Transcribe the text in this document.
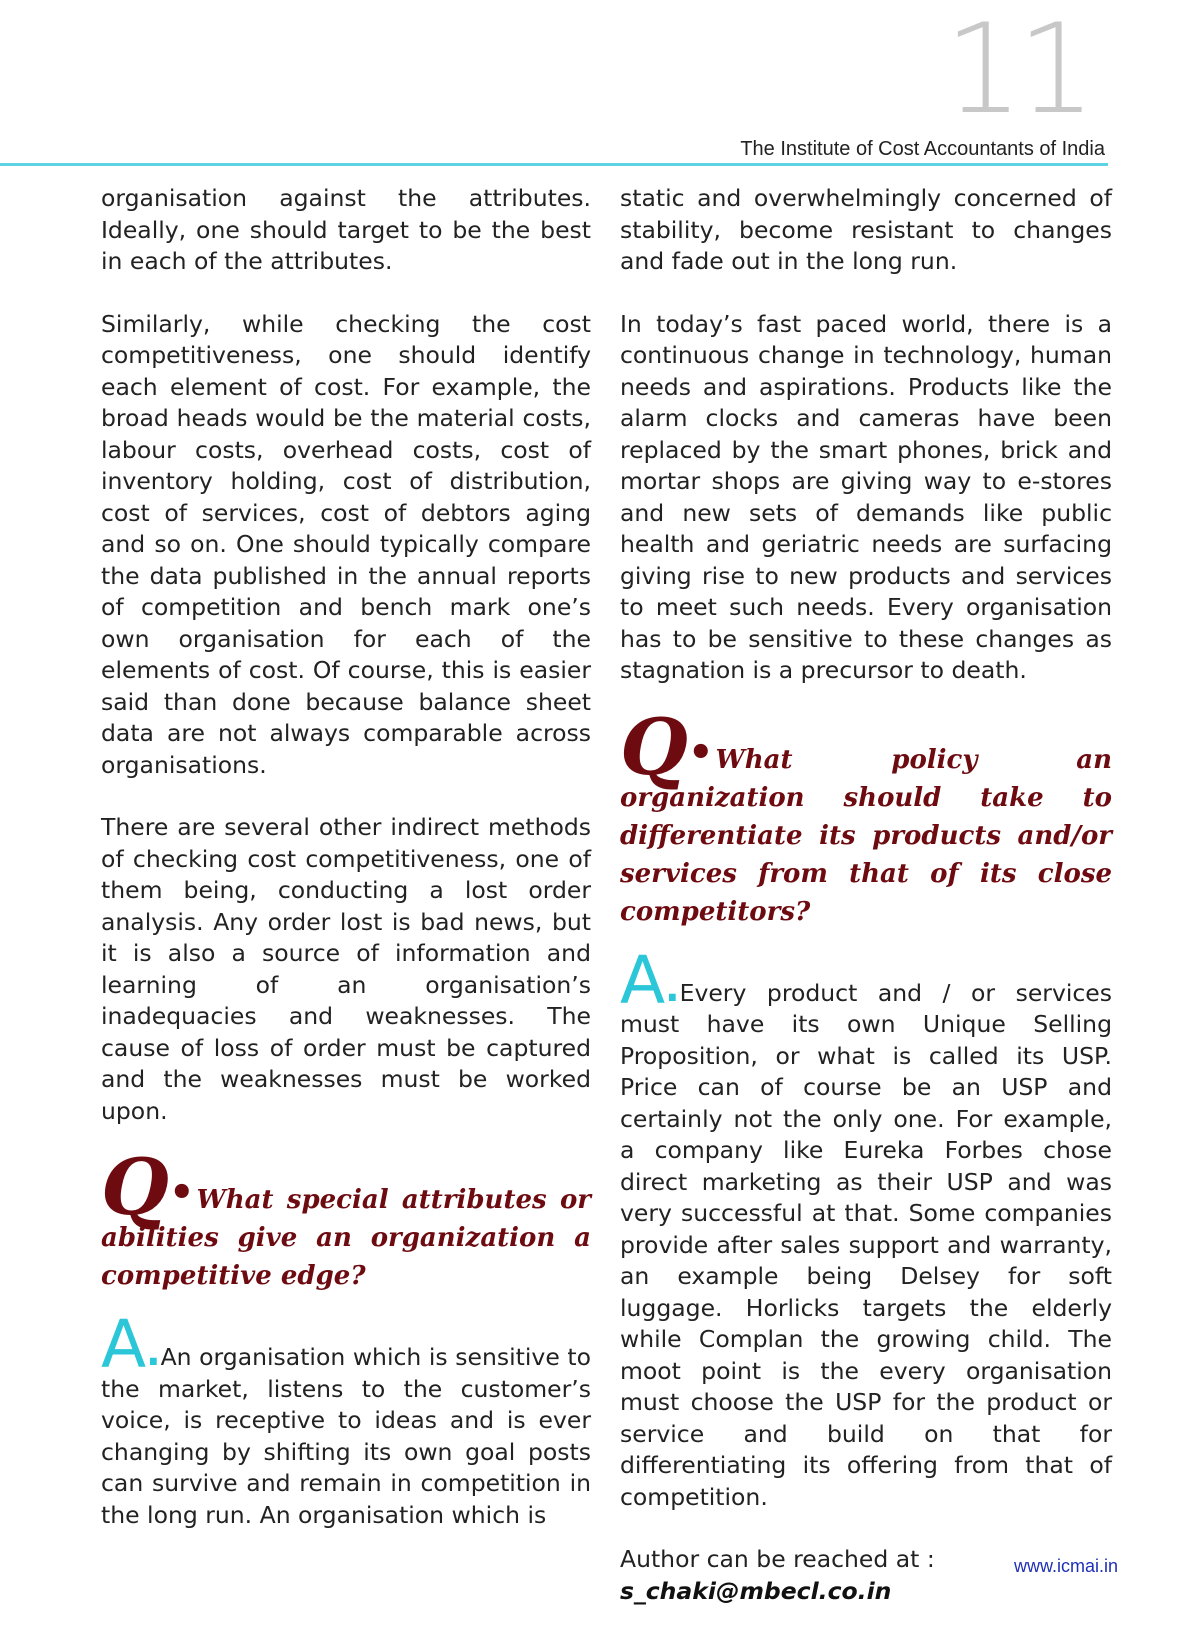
11
The Institute of Cost Accountants of India

organisation against the attributes. Ideally, one should target to be the best in each of the attributes.

Similarly, while checking the cost competitiveness, one should identify each element of cost. For example, the broad heads would be the material costs, labour costs, overhead costs, cost of inventory holding, cost of distribution, cost of services, cost of debtors aging and so on. One should typically compare the data published in the annual reports of competition and bench mark one’s own organisation for each of the elements of cost. Of course, this is easier said than done because balance sheet data are not always comparable across organisations.

There are several other indirect methods of checking cost competitiveness, one of them being, conducting a lost order analysis. Any order lost is bad news, but it is also a source of information and learning of an organisation’s inadequacies and weaknesses. The cause of loss of order must be captured and the weaknesses must be worked upon.

Q•What special attributes or abilities give an organization a competitive edge?

A.An organisation which is sensitive to the market, listens to the customer’s voice, is receptive to ideas and is ever changing by shifting its own goal posts can survive and remain in competition in the long run. An organisation which is

static and overwhelmingly concerned of stability, become resistant to changes and fade out in the long run.

In today’s fast paced world, there is a continuous change in technology, human needs and aspirations. Products like the alarm clocks and cameras have been replaced by the smart phones, brick and mortar shops are giving way to e-stores and new sets of demands like public health and geriatric needs are surfacing giving rise to new products and services to meet such needs. Every organisation has to be sensitive to these changes as stagnation is a precursor to death.

Q•What policy an organization should take to differentiate its products and/or services from that of its close competitors?

A.Every product and / or services must have its own Unique Selling Proposition, or what is called its USP. Price can of course be an USP and certainly not the only one. For example, a company like Eureka Forbes chose direct marketing as their USP and was very successful at that. Some companies provide after sales support and warranty, an example being Delsey for soft luggage. Horlicks targets the elderly while Complan the growing child. The moot point is the every organisation must choose the USP for the product or service and build on that for differentiating its offering from that of competition.

Author can be reached at :
s_chaki@mbecl.co.in

www.icmai.in
